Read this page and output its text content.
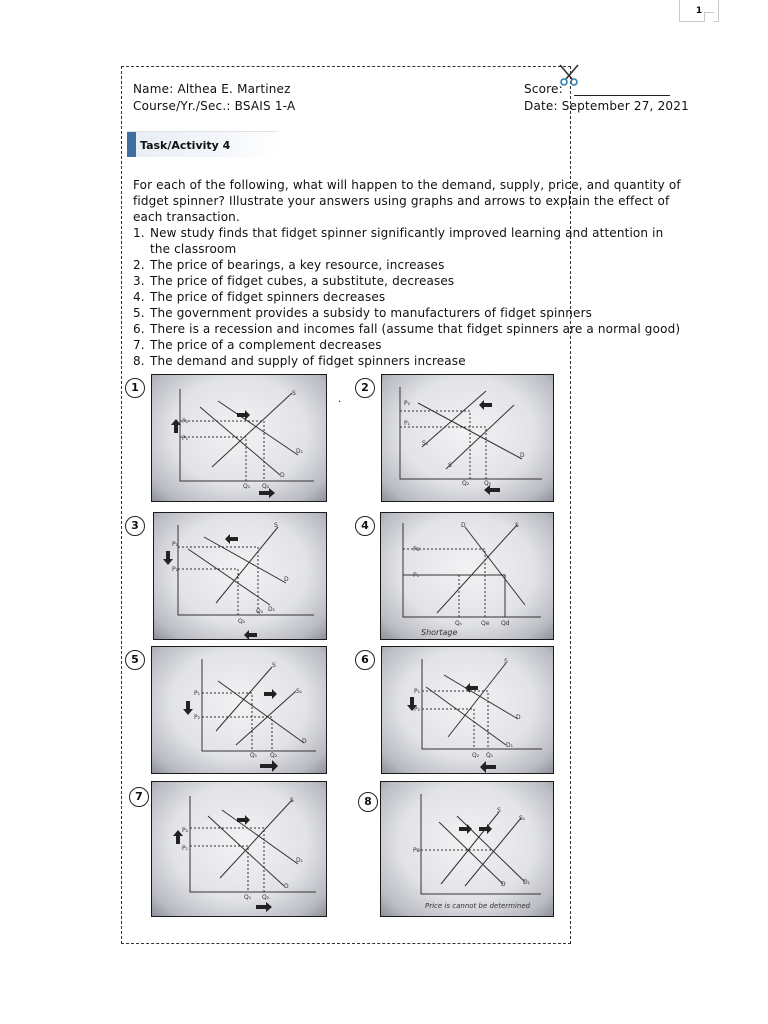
1
Name: Althea E. Martinez
Course/Yr./Sec.: BSAIS 1-A
Score:
Date: September 27, 2021
Task/Activity 4
For each of the following, what will happen to the demand, supply, price, and quantity of fidget spinner? Illustrate your answers using graphs and arrows to explain the effect of each transaction.
1. New study finds that fidget spinner significantly improved learning and attention in the classroom
2. The price of bearings, a key resource, increases
3. The price of fidget cubes, a substitute, decreases
4. The price of fidget spinners decreases
5. The government provides a subsidy to manufacturers of fidget spinners
6. There is a recession and incomes fall (assume that fidget spinners are a normal good)
7. The price of a complement decreases
8. The demand and supply of fidget spinners increase
.
1	2
3	4
5	6
7	8
P₂
P₁
Q₁ Q₂
S
D
D₁
P₂
P₁
Q₂ Q₁
S₁
S
D
P₁
P₂
Q₂
Q₁
S
D
D₁
Pe
P₁
Qₛ	Qe Qd
S
D
Shortage
P₁
P₂
Q₁ Q₂
S
S₁
D
P₁
P₂
Q₂ Q₁
S
D
D₁
P₂
P₁
Q₁ Q₂
S
D
D₁
Pe
S
S₁
D	D₁
Price is cannot be determined
